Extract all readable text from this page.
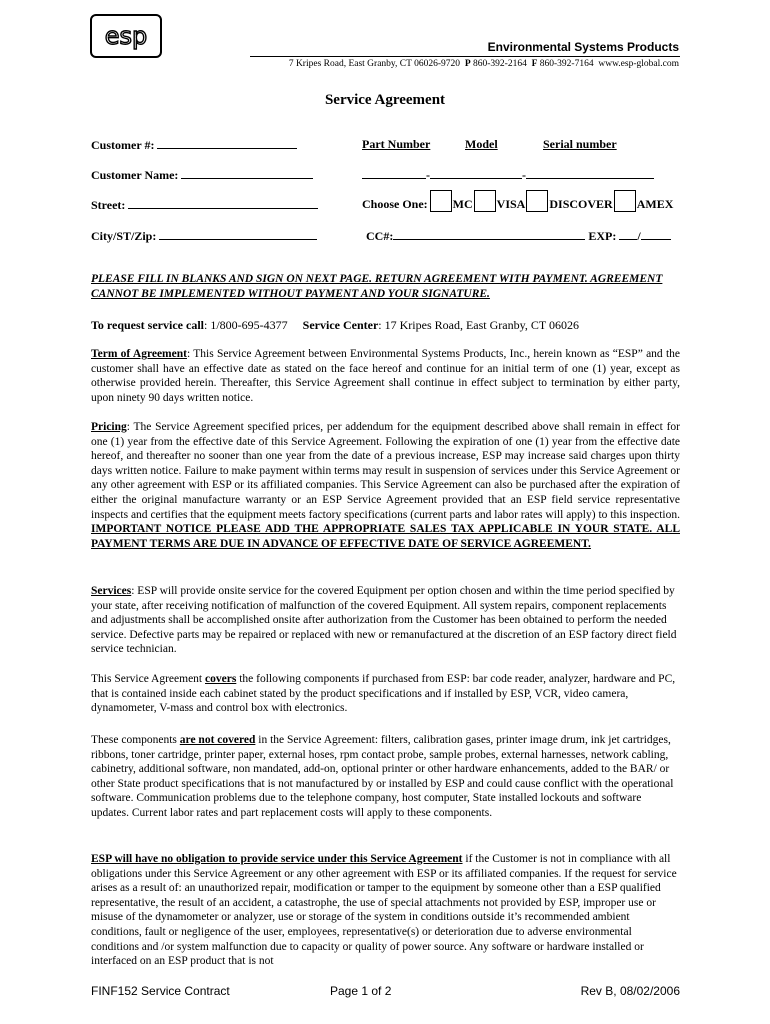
esp	Environmental Systems Products
7 Kripes Road, East Granby, CT 06026-9720 P 860-392-2164 F 860-392-7164 www.esp-global.com
Service Agreement
Customer #:
Customer Name:
Street:
City/ST/Zip:
Part Number	Model	Serial number
-	-
Choose One: MC VISA DISCOVER AMEX
CC#:	EXP: /
PLEASE FILL IN BLANKS AND SIGN ON NEXT PAGE. RETURN AGREEMENT WITH PAYMENT. AGREEMENT CANNOT BE IMPLEMENTED WITHOUT PAYMENT AND YOUR SIGNATURE.
To request service call: 1/800-695-4377 Service Center: 17 Kripes Road, East Granby, CT 06026
Term of Agreement: This Service Agreement between Environmental Systems Products, Inc., herein known as “ESP” and the customer shall have an effective date as stated on the face hereof and continue for an initial term of one (1) year, except as otherwise provided herein. Thereafter, this Service Agreement shall continue in effect subject to termination by either party, upon ninety 90 days written notice.
Pricing: The Service Agreement specified prices, per addendum for the equipment described above shall remain in effect for one (1) year from the effective date of this Service Agreement. Following the expiration of one (1) year from the effective date hereof, and thereafter no sooner than one year from the date of a previous increase, ESP may increase said charges upon thirty days written notice. Failure to make payment within terms may result in suspension of services under this Service Agreement or any other agreement with ESP or its affiliated companies. This Service Agreement can also be purchased after the expiration of either the original manufacture warranty or an ESP Service Agreement provided that an ESP field service representative inspects and certifies that the equipment meets factory specifications (current parts and labor rates will apply) to this inspection. IMPORTANT NOTICE PLEASE ADD THE APPROPRIATE SALES TAX APPLICABLE IN YOUR STATE. ALL PAYMENT TERMS ARE DUE IN ADVANCE OF EFFECTIVE DATE OF SERVICE AGREEMENT.
Services: ESP will provide onsite service for the covered Equipment per option chosen and within the time period specified by your state, after receiving notification of malfunction of the covered Equipment. All system repairs, component replacements and adjustments shall be accomplished onsite after authorization from the Customer has been obtained to perform the needed service. Defective parts may be repaired or replaced with new or remanufactured at the discretion of an ESP factory direct field service technician.
This Service Agreement covers the following components if purchased from ESP: bar code reader, analyzer, hardware and PC, that is contained inside each cabinet stated by the product specifications and if installed by ESP, VCR, video camera, dynamometer, V-mass and control box with electronics.
These components are not covered in the Service Agreement: filters, calibration gases, printer image drum, ink jet cartridges, ribbons, toner cartridge, printer paper, external hoses, rpm contact probe, sample probes, external harnesses, network cabling, cabinetry, additional software, non mandated, add-on, optional printer or other hardware enhancements, added to the BAR/ or other State product specifications that is not manufactured by or installed by ESP and could cause conflict with the operational software. Communication problems due to the telephone company, host computer, State installed lockouts and software updates. Current labor rates and part replacement costs will apply to these components.
ESP will have no obligation to provide service under this Service Agreement if the Customer is not in compliance with all obligations under this Service Agreement or any other agreement with ESP or its affiliated companies. If the request for service arises as a result of: an unauthorized repair, modification or tamper to the equipment by someone other than a ESP qualified representative, the result of an accident, a catastrophe, the use of special attachments not provided by ESP, improper use or misuse of the dynamometer or analyzer, use or storage of the system in conditions outside it’s recommended ambient conditions, fault or negligence of the user, employees, representative(s) or deterioration due to adverse environmental conditions and /or system malfunction due to capacity or quality of power source. Any software or hardware installed or interfaced on an ESP product that is not
FINF152 Service Contract	Page 1 of 2	Rev B, 08/02/2006
